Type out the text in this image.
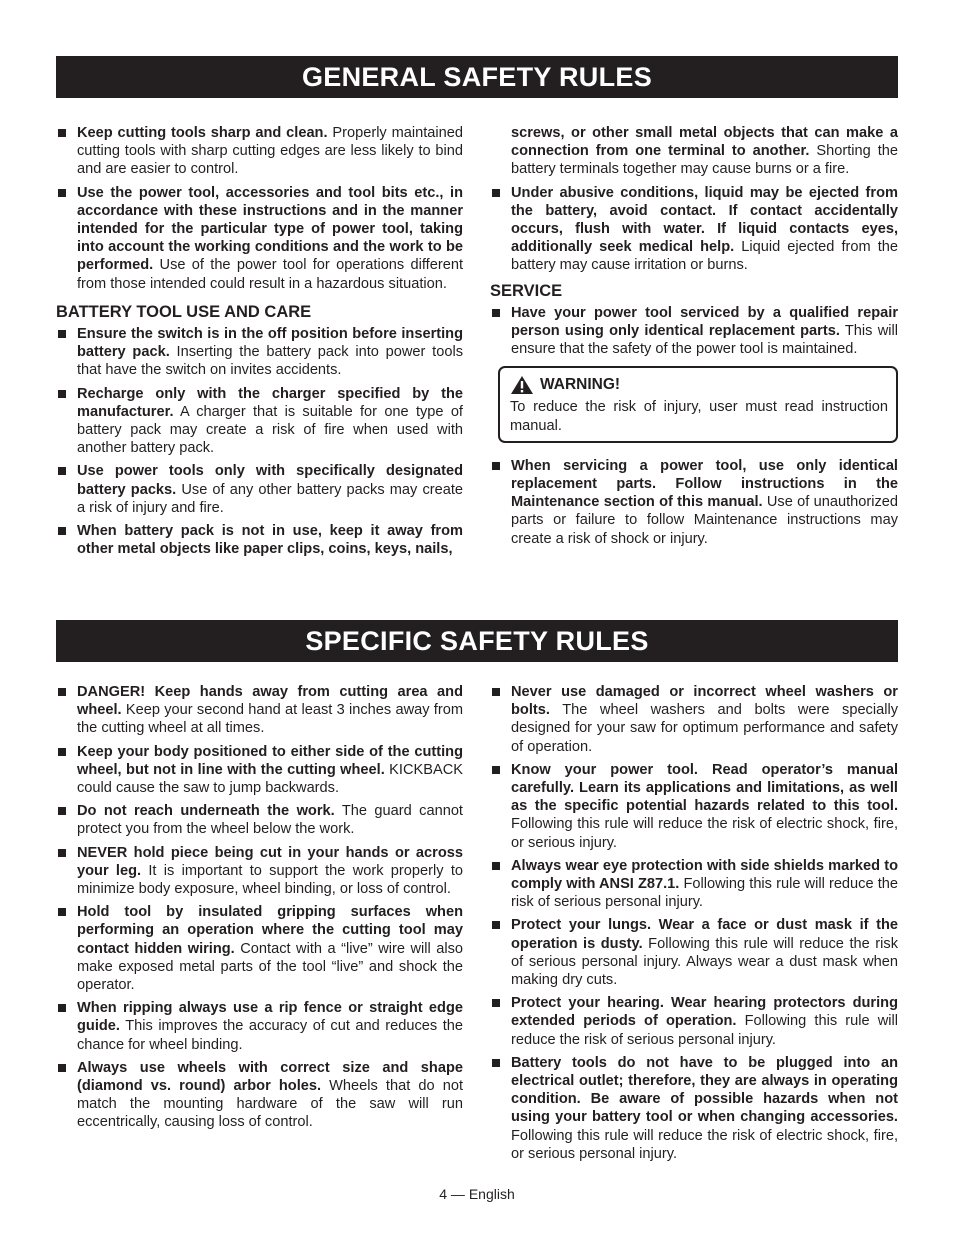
GENERAL SAFETY RULES
Keep cutting tools sharp and clean. Properly maintained cutting tools with sharp cutting edges are less likely to bind and are easier to control.
Use the power tool, accessories and tool bits etc., in accordance with these instructions and in the manner intended for the particular type of power tool, taking into account the working conditions and the work to be performed. Use of the power tool for operations different from those intended could result in a hazardous situation.
BATTERY TOOL USE AND CARE
Ensure the switch is in the off position before inserting battery pack. Inserting the battery pack into power tools that have the switch on invites accidents.
Recharge only with the charger specified by the manufacturer. A charger that is suitable for one type of battery pack may create a risk of fire when used with another battery pack.
Use power tools only with specifically designated battery packs. Use of any other battery packs may create a risk of injury and fire.
When battery pack is not in use, keep it away from other metal objects like paper clips, coins, keys, nails,
screws, or other small metal objects that can make a connection from one terminal to another. Shorting the battery terminals together may cause burns or a fire.
Under abusive conditions, liquid may be ejected from the battery, avoid contact. If contact accidentally occurs, flush with water. If liquid contacts eyes, additionally seek medical help. Liquid ejected from the battery may cause irritation or burns.
SERVICE
Have your power tool serviced by a qualified repair person using only identical replacement parts. This will ensure that the safety of the power tool is maintained.
WARNING!
To reduce the risk of injury, user must read instruction manual.
When servicing a power tool, use only identical replacement parts. Follow instructions in the Maintenance section of this manual. Use of unauthorized parts or failure to follow Maintenance instructions may create a risk of shock or injury.
SPECIFIC SAFETY RULES
DANGER! Keep hands away from cutting area and wheel. Keep your second hand at least 3 inches away from the cutting wheel at all times.
Keep your body positioned to either side of the cutting wheel, but not in line with the cutting wheel. KICKBACK could cause the saw to jump backwards.
Do not reach underneath the work. The guard cannot protect you from the wheel below the work.
NEVER hold piece being cut in your hands or across your leg. It is important to support the work properly to minimize body exposure, wheel binding, or loss of control.
Hold tool by insulated gripping surfaces when performing an operation where the cutting tool may contact hidden wiring. Contact with a “live” wire will also make exposed metal parts of the tool “live” and shock the operator.
When ripping always use a rip fence or straight edge guide. This improves the accuracy of cut and reduces the chance for wheel binding.
Always use wheels with correct size and shape (diamond vs. round) arbor holes. Wheels that do not match the mounting hardware of the saw will run eccentrically, causing loss of control.
Never use damaged or incorrect wheel washers or bolts. The wheel washers and bolts were specially designed for your saw for optimum performance and safety of operation.
Know your power tool. Read operator’s manual carefully. Learn its applications and limitations, as well as the specific potential hazards related to this tool. Following this rule will reduce the risk of electric shock, fire, or serious injury.
Always wear eye protection with side shields marked to comply with ANSI Z87.1. Following this rule will reduce the risk of serious personal injury.
Protect your lungs. Wear a face or dust mask if the operation is dusty. Following this rule will reduce the risk of serious personal injury. Always wear a dust mask when making dry cuts.
Protect your hearing. Wear hearing protectors during extended periods of operation. Following this rule will reduce the risk of serious personal injury.
Battery tools do not have to be plugged into an electrical outlet; therefore, they are always in operating condition. Be aware of possible hazards when not using your battery tool or when changing accessories. Following this rule will reduce the risk of electric shock, fire, or serious personal injury.
4 — English
